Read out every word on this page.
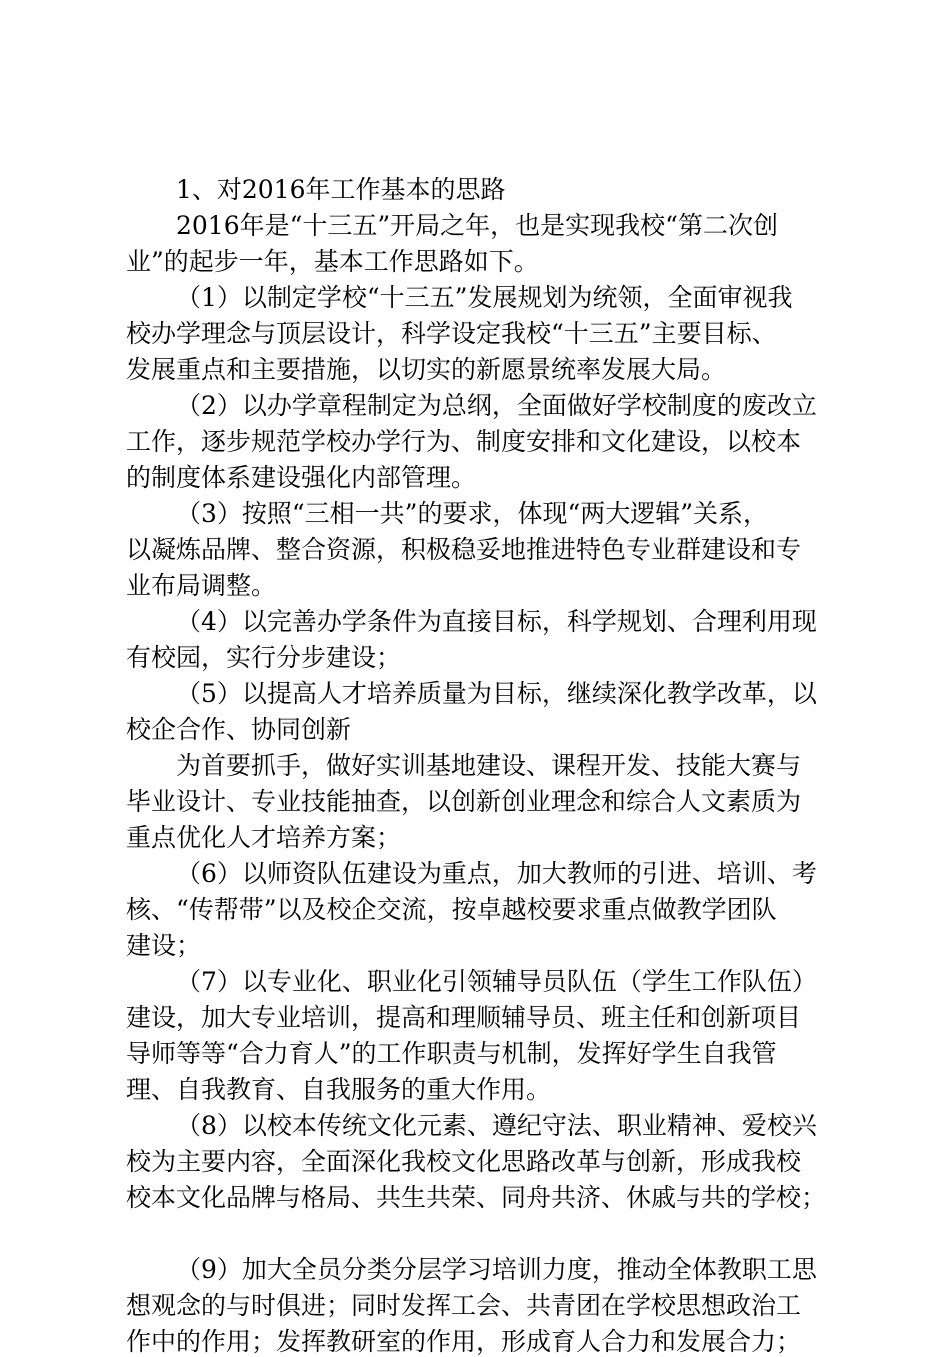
1、对2016年工作基本的思路
2016年是“十三五”开局之年，也是实现我校“第二次创
业”的起步一年，基本工作思路如下。
（1）以制定学校“十三五”发展规划为统领，全面审视我
校办学理念与顶层设计，科学设定我校“十三五”主要目标、
发展重点和主要措施，以切实的新愿景统率发展大局。
（2）以办学章程制定为总纲，全面做好学校制度的废改立
工作，逐步规范学校办学行为、制度安排和文化建设，以校本
的制度体系建设强化内部管理。
（3）按照“三相一共”的要求，体现“两大逻辑”关系，
以凝炼品牌、整合资源，积极稳妥地推进特色专业群建设和专
业布局调整。
（4）以完善办学条件为直接目标，科学规划、合理利用现
有校园，实行分步建设；
（5）以提高人才培养质量为目标，继续深化教学改革，以
校企合作、协同创新
为首要抓手，做好实训基地建设、课程开发、技能大赛与
毕业设计、专业技能抽查，以创新创业理念和综合人文素质为
重点优化人才培养方案；
（6）以师资队伍建设为重点，加大教师的引进、培训、考
核、“传帮带”以及校企交流，按卓越校要求重点做教学团队
建设；
（7）以专业化、职业化引领辅导员队伍（学生工作队伍）
建设，加大专业培训，提高和理顺辅导员、班主任和创新项目
导师等等“合力育人”的工作职责与机制，发挥好学生自我管
理、自我教育、自我服务的重大作用。
（8）以校本传统文化元素、遵纪守法、职业精神、爱校兴
校为主要内容，全面深化我校文化思路改革与创新，形成我校
校本文化品牌与格局、共生共荣、同舟共济、休戚与共的学校；
（9）加大全员分类分层学习培训力度，推动全体教职工思
想观念的与时俱进；同时发挥工会、共青团在学校思想政治工
作中的作用；发挥教研室的作用，形成育人合力和发展合力；
